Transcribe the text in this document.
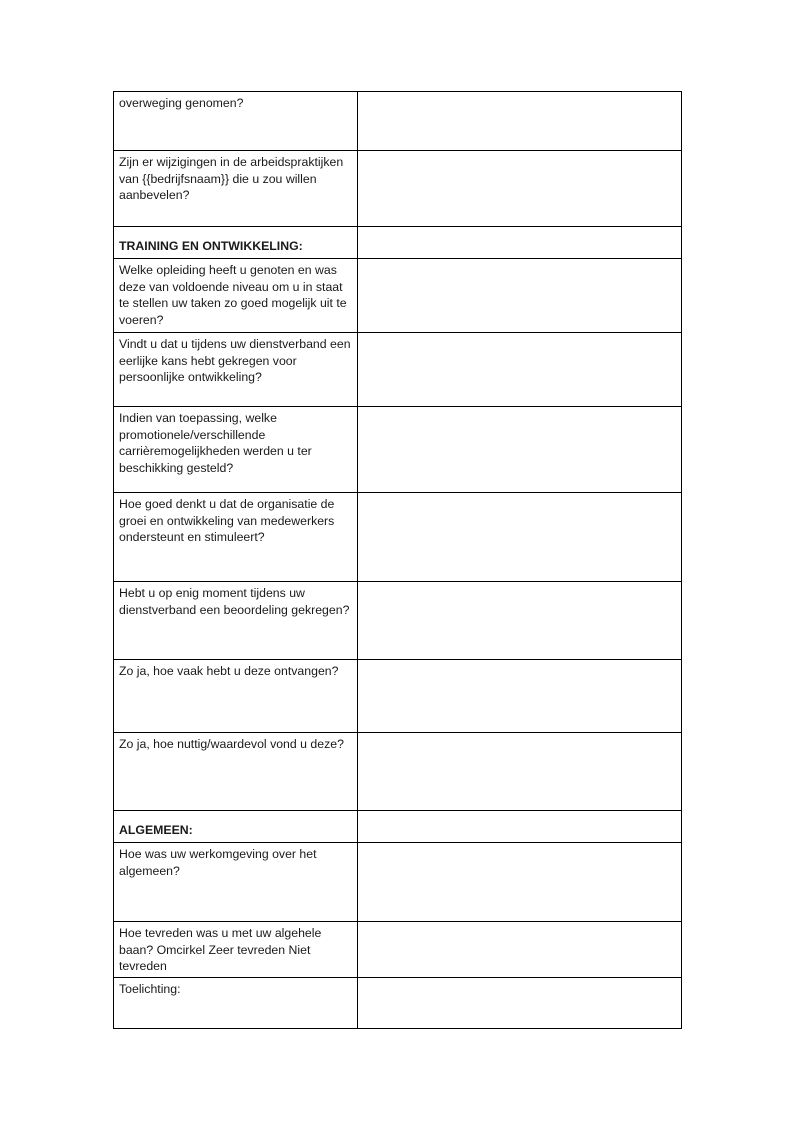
overweging genomen?	

Zijn er wijzigingen in de arbeidspraktijken van {{bedrijfsnaam}} die u zou willen aanbevelen?	

TRAINING EN ONTWIKKELING:	

Welke opleiding heeft u genoten en was deze van voldoende niveau om u in staat te stellen uw taken zo goed mogelijk uit te voeren?	

Vindt u dat u tijdens uw dienstverband een eerlijke kans hebt gekregen voor persoonlijke ontwikkeling?	

Indien van toepassing, welke promotionele/verschillende carrièremogelijkheden werden u ter beschikking gesteld?	

Hoe goed denkt u dat de organisatie de groei en ontwikkeling van medewerkers ondersteunt en stimuleert?	

Hebt u op enig moment tijdens uw dienstverband een beoordeling gekregen?	

Zo ja, hoe vaak hebt u deze ontvangen?	

Zo ja, hoe nuttig/waardevol vond u deze?	

ALGEMEEN:	

Hoe was uw werkomgeving over het algemeen?	

Hoe tevreden was u met uw algehele baan? Omcirkel Zeer tevreden Niet tevreden	

Toelichting:	
